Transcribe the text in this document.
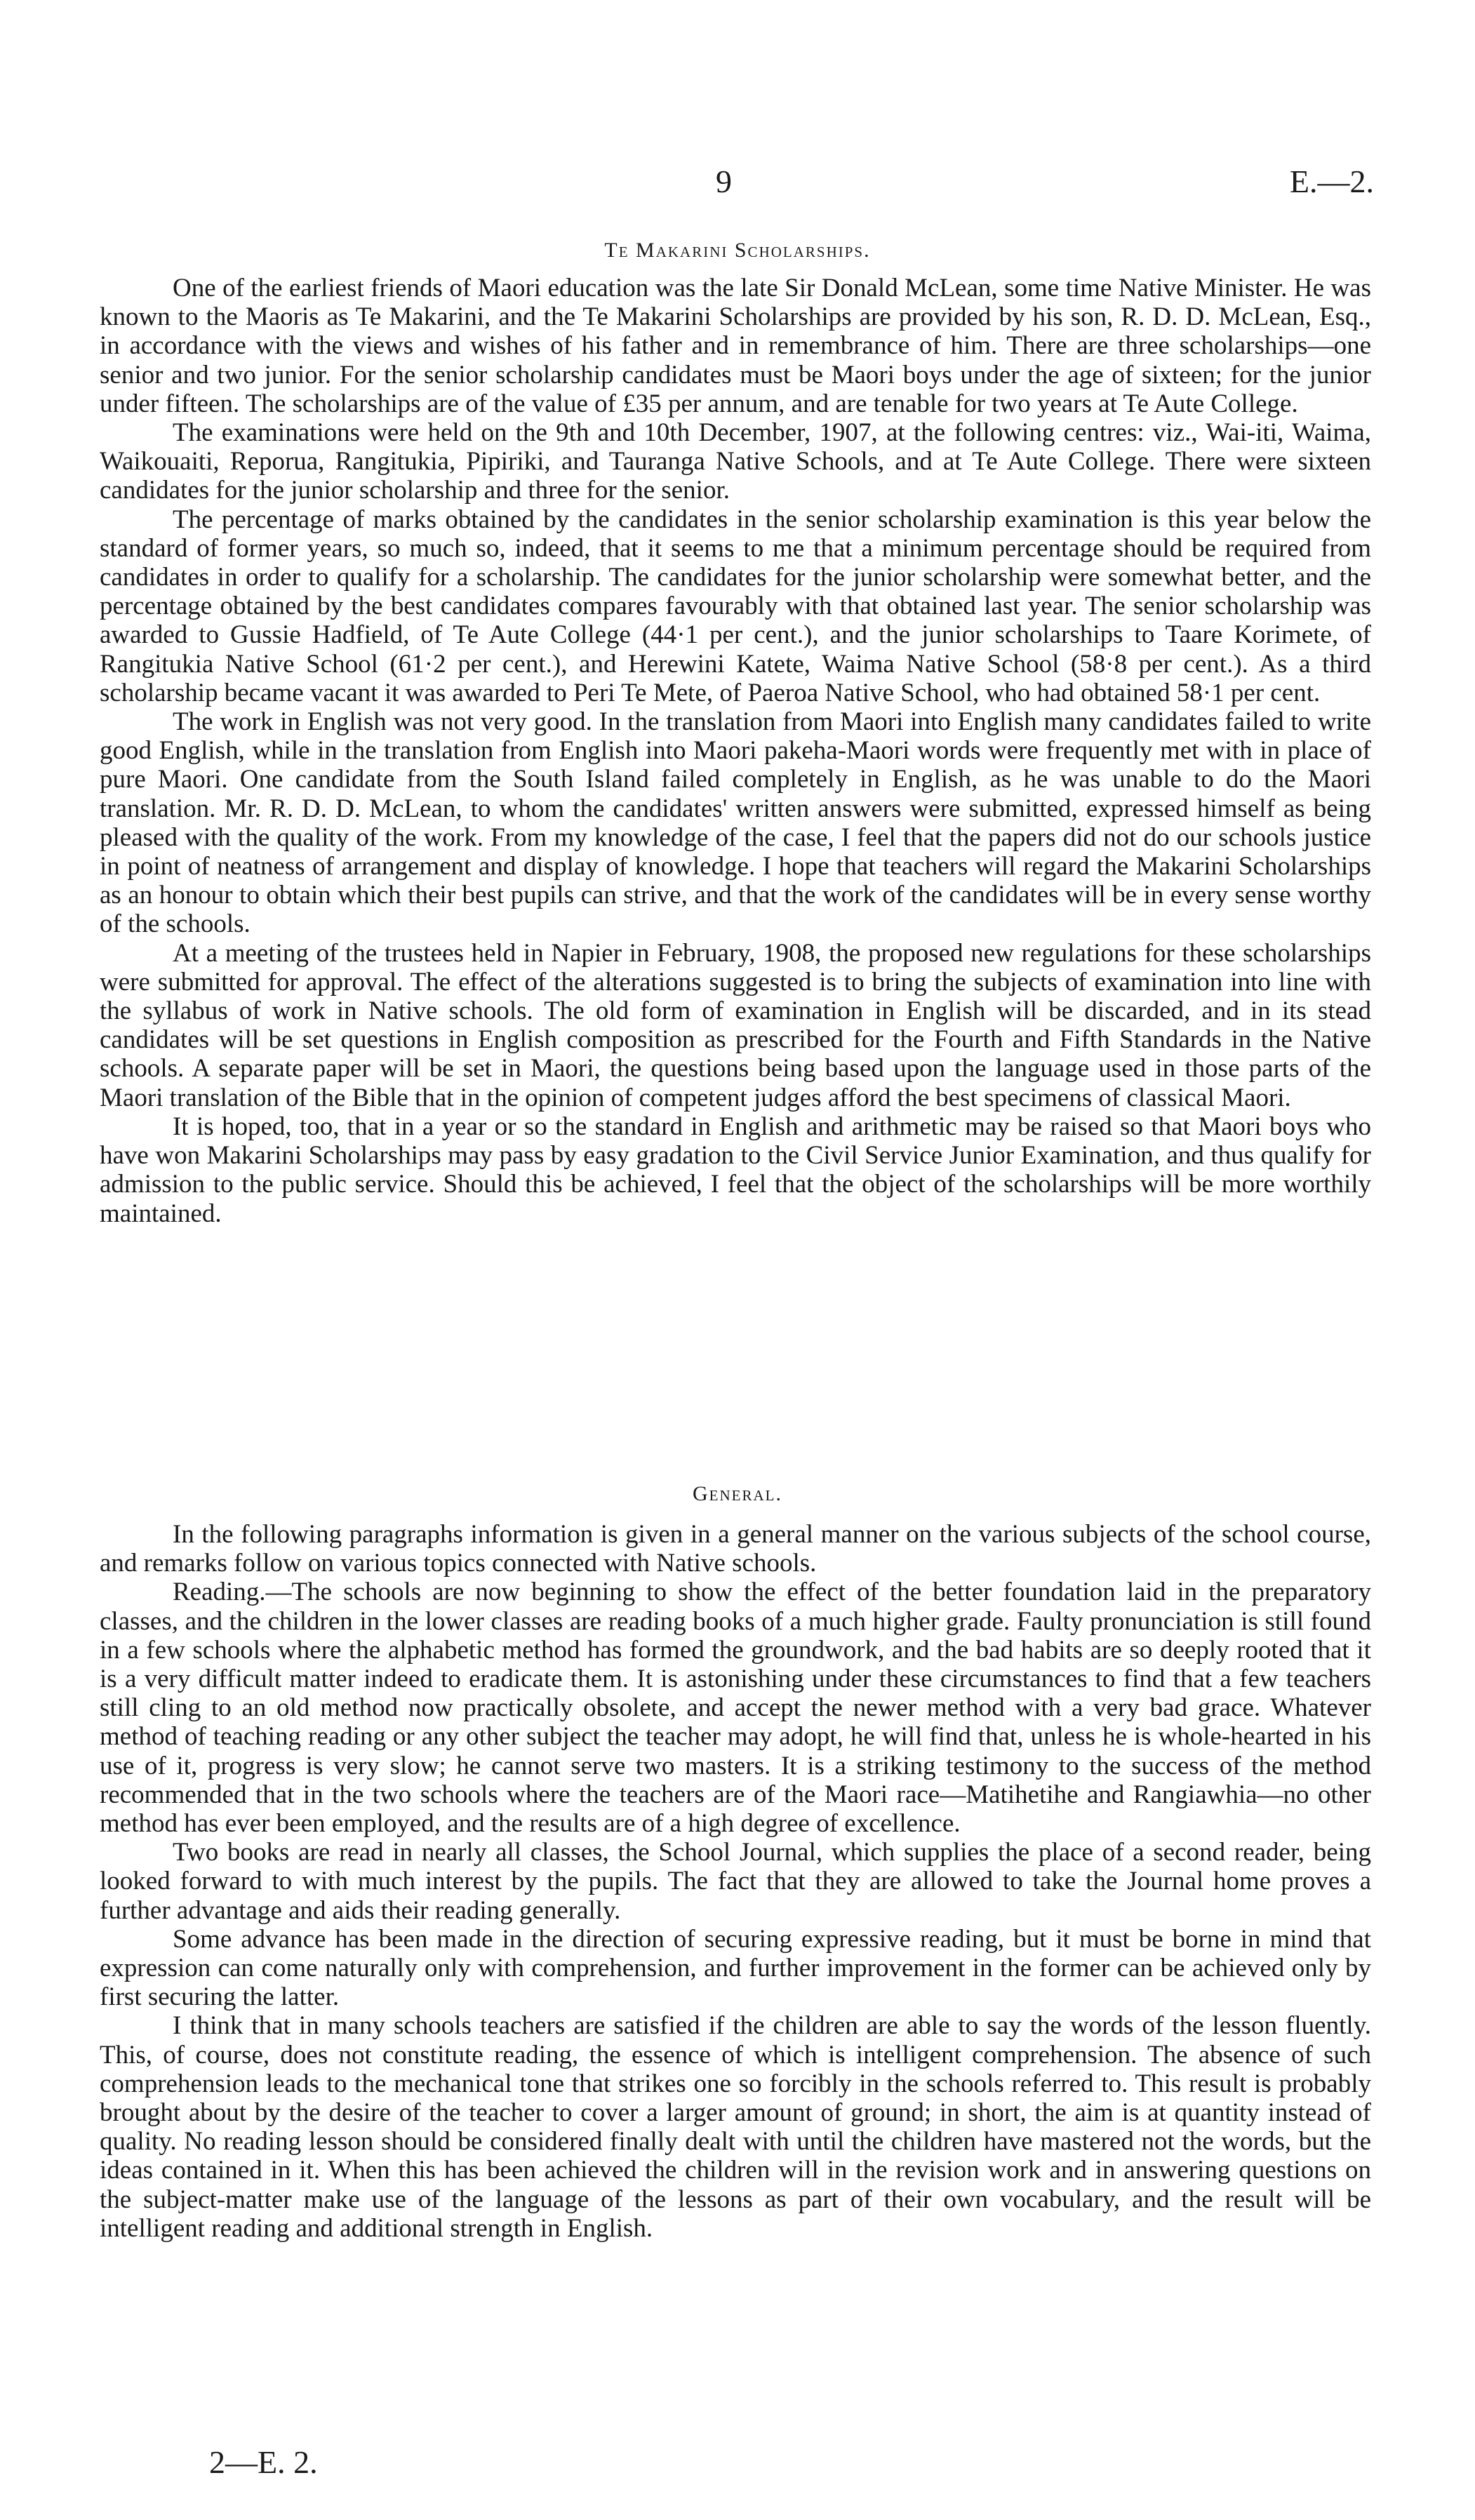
9	E.—2.
Te Makarini Scholarships.

One of the earliest friends of Maori education was the late Sir Donald McLean, some time Native Minister. He was known to the Maoris as Te Makarini, and the Te Makarini Scholarships are provided by his son, R. D. D. McLean, Esq., in accordance with the views and wishes of his father and in remembrance of him. There are three scholarships—one senior and two junior. For the senior scholarship candidates must be Maori boys under the age of sixteen; for the junior under fifteen. The scholarships are of the value of £35 per annum, and are tenable for two years at Te Aute College.

The examinations were held on the 9th and 10th December, 1907, at the following centres: viz., Wai-iti, Waima, Waikouaiti, Reporua, Rangitukia, Pipiriki, and Tauranga Native Schools, and at Te Aute College. There were sixteen candidates for the junior scholarship and three for the senior.

The percentage of marks obtained by the candidates in the senior scholarship examination is this year below the standard of former years, so much so, indeed, that it seems to me that a minimum percentage should be required from candidates in order to qualify for a scholarship. The candidates for the junior scholarship were somewhat better, and the percentage obtained by the best candidates compares favourably with that obtained last year. The senior scholarship was awarded to Gussie Hadfield, of Te Aute College (44·1 per cent.), and the junior scholarships to Taare Korimete, of Rangitukia Native School (61·2 per cent.), and Herewini Katete, Waima Native School (58·8 per cent.). As a third scholarship became vacant it was awarded to Peri Te Mete, of Paeroa Native School, who had obtained 58·1 per cent.

The work in English was not very good. In the translation from Maori into English many candidates failed to write good English, while in the translation from English into Maori pakeha-Maori words were frequently met with in place of pure Maori. One candidate from the South Island failed completely in English, as he was unable to do the Maori translation. Mr. R. D. D. McLean, to whom the candidates' written answers were submitted, expressed himself as being pleased with the quality of the work. From my knowledge of the case, I feel that the papers did not do our schools justice in point of neatness of arrangement and display of knowledge. I hope that teachers will regard the Makarini Scholarships as an honour to obtain which their best pupils can strive, and that the work of the candidates will be in every sense worthy of the schools.

At a meeting of the trustees held in Napier in February, 1908, the proposed new regulations for these scholarships were submitted for approval. The effect of the alterations suggested is to bring the subjects of examination into line with the syllabus of work in Native schools. The old form of examination in English will be discarded, and in its stead candidates will be set questions in English composition as prescribed for the Fourth and Fifth Standards in the Native schools. A separate paper will be set in Maori, the questions being based upon the language used in those parts of the Maori translation of the Bible that in the opinion of competent judges afford the best specimens of classical Maori.

It is hoped, too, that in a year or so the standard in English and arithmetic may be raised so that Maori boys who have won Makarini Scholarships may pass by easy gradation to the Civil Service Junior Examination, and thus qualify for admission to the public service. Should this be achieved, I feel that the object of the scholarships will be more worthily maintained.

General.

In the following paragraphs information is given in a general manner on the various subjects of the school course, and remarks follow on various topics connected with Native schools.

Reading.—The schools are now beginning to show the effect of the better foundation laid in the preparatory classes, and the children in the lower classes are reading books of a much higher grade. Faulty pronunciation is still found in a few schools where the alphabetic method has formed the groundwork, and the bad habits are so deeply rooted that it is a very difficult matter indeed to eradicate them. It is astonishing under these circumstances to find that a few teachers still cling to an old method now practically obsolete, and accept the newer method with a very bad grace. Whatever method of teaching reading or any other subject the teacher may adopt, he will find that, unless he is whole-hearted in his use of it, progress is very slow; he cannot serve two masters. It is a striking testimony to the success of the method recommended that in the two schools where the teachers are of the Maori race—Matihetihe and Rangiawhia—no other method has ever been employed, and the results are of a high degree of excellence.

Two books are read in nearly all classes, the School Journal, which supplies the place of a second reader, being looked forward to with much interest by the pupils. The fact that they are allowed to take the Journal home proves a further advantage and aids their reading generally.

Some advance has been made in the direction of securing expressive reading, but it must be borne in mind that expression can come naturally only with comprehension, and further improvement in the former can be achieved only by first securing the latter.

I think that in many schools teachers are satisfied if the children are able to say the words of the lesson fluently. This, of course, does not constitute reading, the essence of which is intelligent comprehension. The absence of such comprehension leads to the mechanical tone that strikes one so forcibly in the schools referred to. This result is probably brought about by the desire of the teacher to cover a larger amount of ground; in short, the aim is at quantity instead of quality. No reading lesson should be considered finally dealt with until the children have mastered not the words, but the ideas contained in it. When this has been achieved the children will in the revision work and in answering questions on the subject-matter make use of the language of the lessons as part of their own vocabulary, and the result will be intelligent reading and additional strength in English.

2—E. 2.
